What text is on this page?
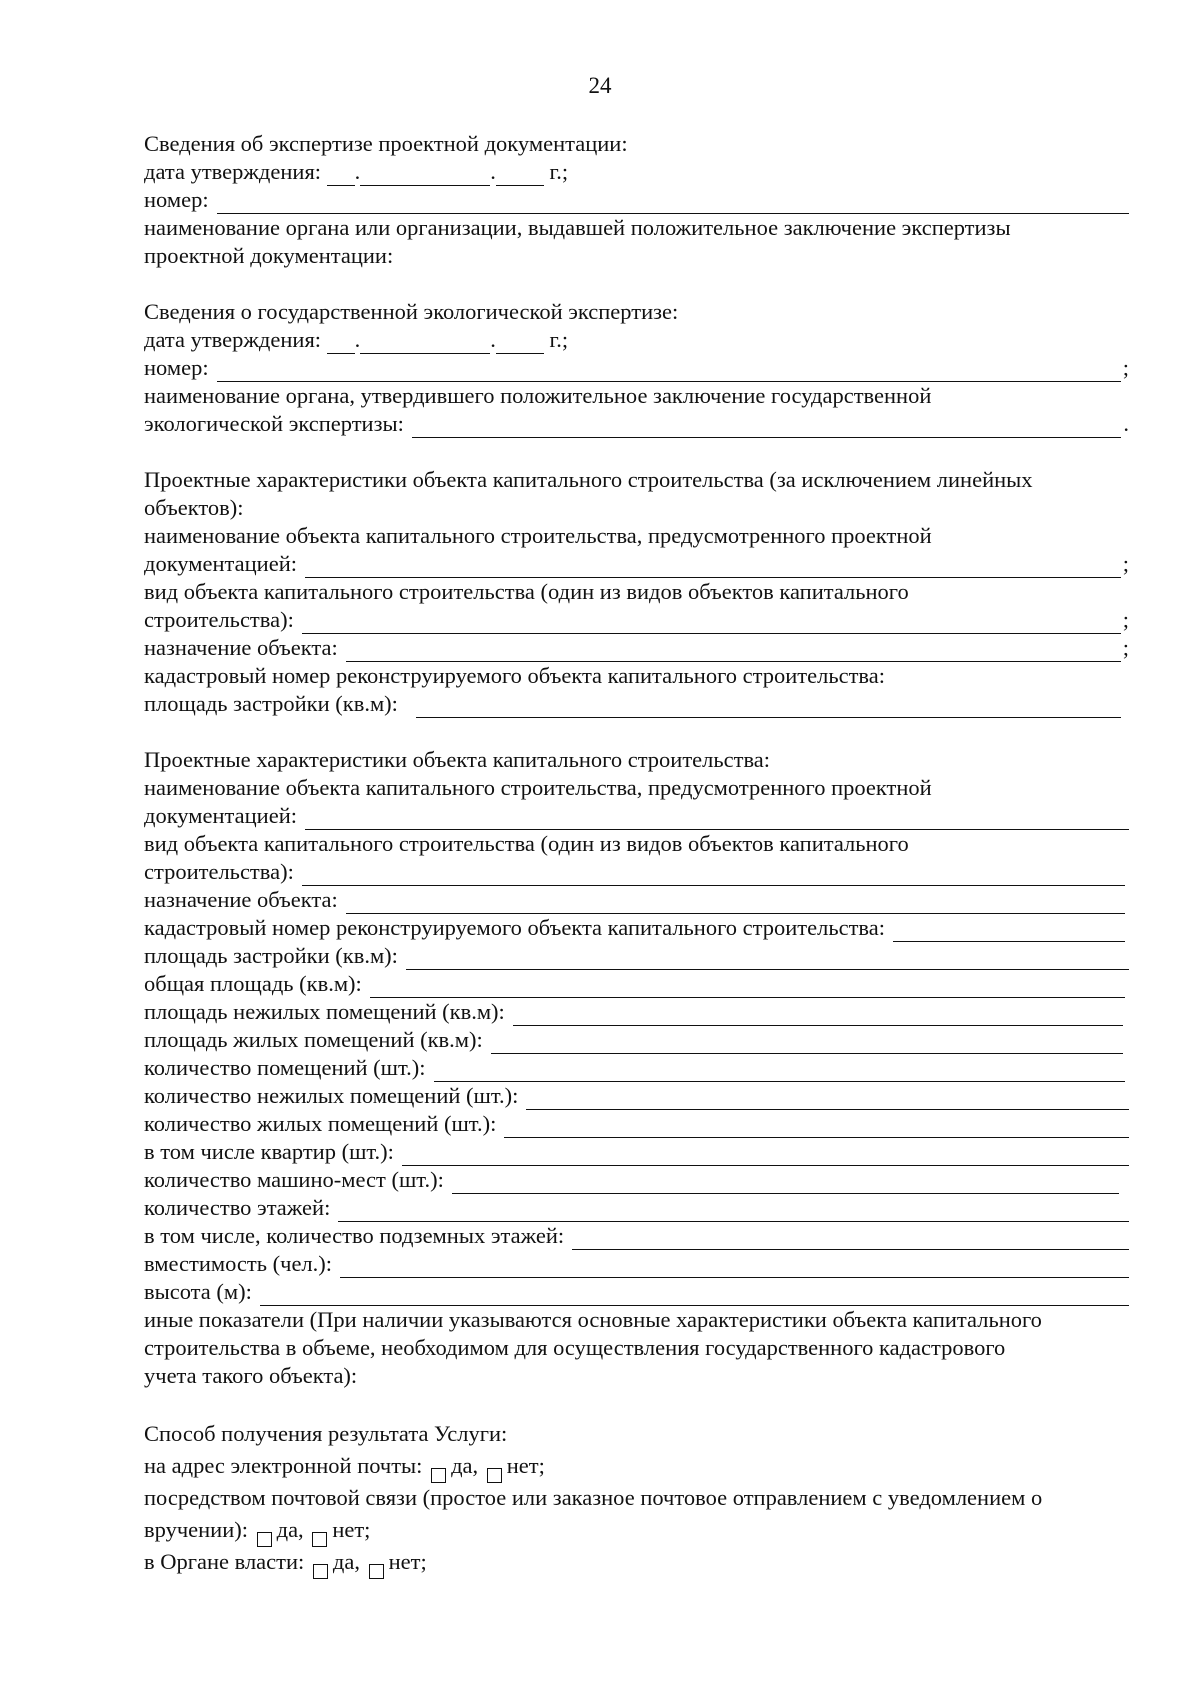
24
Сведения об экспертизе проектной документации:
дата утверждения:
.	.
г.;
номер:
наименование органа или организации, выдавшей положительное заключение экспертизы
проектной документации:
Сведения о государственной экологической экспертизе:
дата утверждения:
.	.
г.;
номер:	;
наименование органа, утвердившего положительное заключение государственной
экологической экспертизы:	.
Проектные характеристики объекта капитального строительства (за исключением линейных
объектов):
наименование объекта капитального строительства, предусмотренного проектной
документацией:	;
вид объекта капитального строительства (один из видов объектов капитального
строительства):	;
назначение объекта:	;
кадастровый номер реконструируемого объекта капитального строительства:
площадь застройки (кв.м):
Проектные характеристики объекта капитального строительства:
наименование объекта капитального строительства, предусмотренного проектной
документацией:
вид объекта капитального строительства (один из видов объектов капитального
строительства):
назначение объекта:
кадастровый номер реконструируемого объекта капитального строительства:
площадь застройки (кв.м):
общая площадь (кв.м):
площадь нежилых помещений (кв.м):
площадь жилых помещений (кв.м):
количество помещений (шт.):
количество нежилых помещений (шт.):
количество жилых помещений (шт.):
в том числе квартир (шт.):
количество машино-мест (шт.):
количество этажей:
в том числе, количество подземных этажей:
вместимость (чел.):
высота (м):
иные показатели (При наличии указываются основные характеристики объекта капитального
строительства в объеме, необходимом для осуществления государственного кадастрового
учета такого объекта):
Способ получения результата Услуги:
на адрес электронной почты:
да,
нет;
посредством почтовой связи (простое или заказное почтовое отправлением с уведомлением о
вручении):
да,
нет;
в Органе власти:
да,
нет;
